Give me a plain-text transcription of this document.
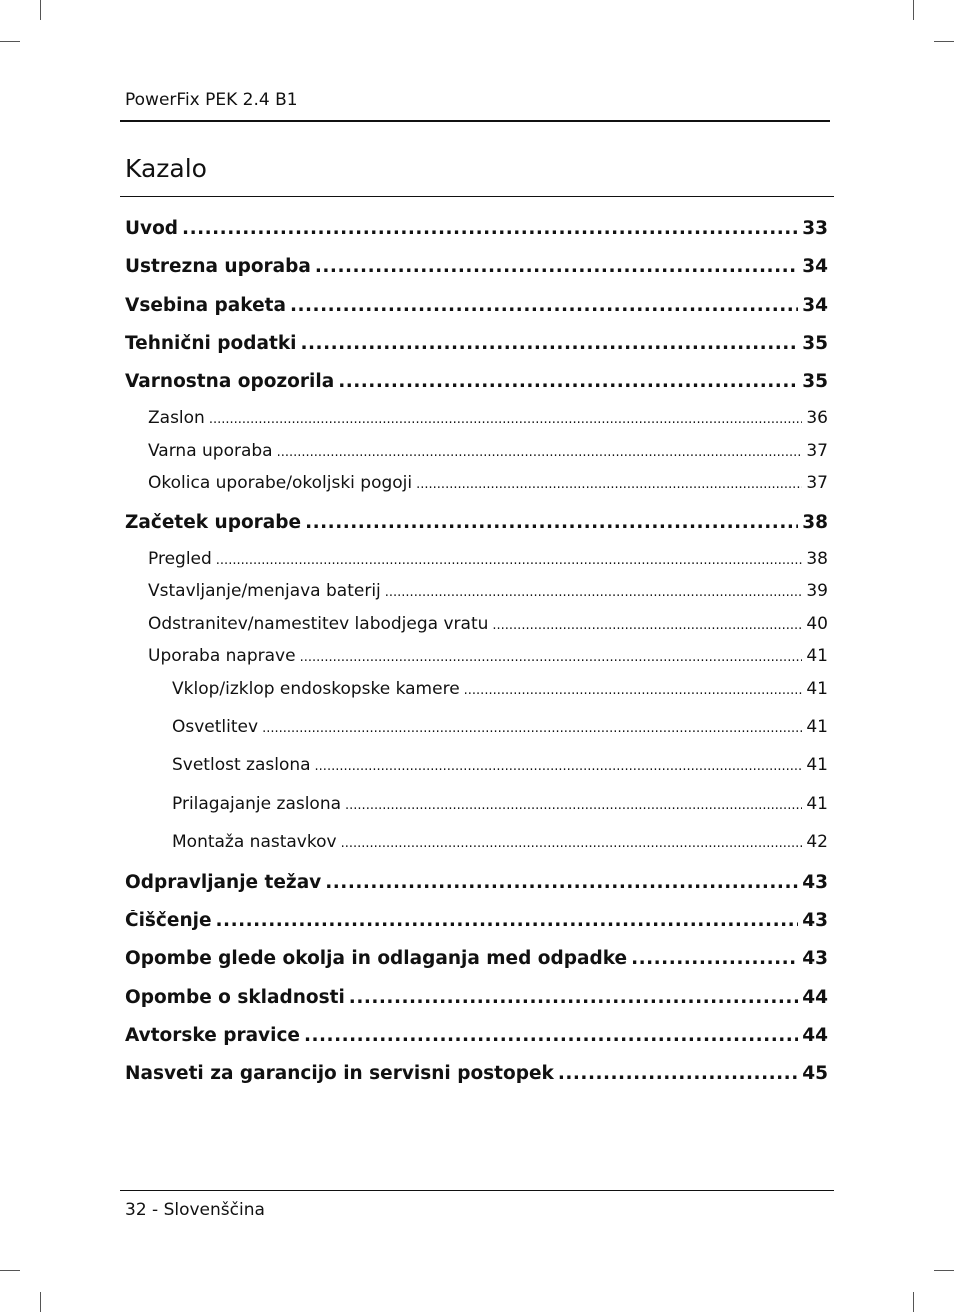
PowerFix PEK 2.4 B1
Kazalo
Uvod .....	33
Ustrezna uporaba .....	34
Vsebina paketa .....	34
Tehnični podatki .....	35
Varnostna opozorila .....	35
Zaslon .....	36
Varna uporaba .....	37
Okolica uporabe/okoljski pogoji .....	37
Začetek uporabe .....	38
Pregled .....	38
Vstavljanje/menjava baterij .....	39
Odstranitev/namestitev labodjega vratu .....	40
Uporaba naprave .....	41
Vklop/izklop endoskopske kamere .....	41
Osvetlitev .....	41
Svetlost zaslona .....	41
Prilagajanje zaslona .....	41
Montaža nastavkov .....	42
Odpravljanje težav .....	43
Čiščenje .....	43
Opombe glede okolja in odlaganja med odpadke .....	43
Opombe o skladnosti .....	44
Avtorske pravice .....	44
Nasveti za garancijo in servisni postopek .....	45
32 - Slovenščina
